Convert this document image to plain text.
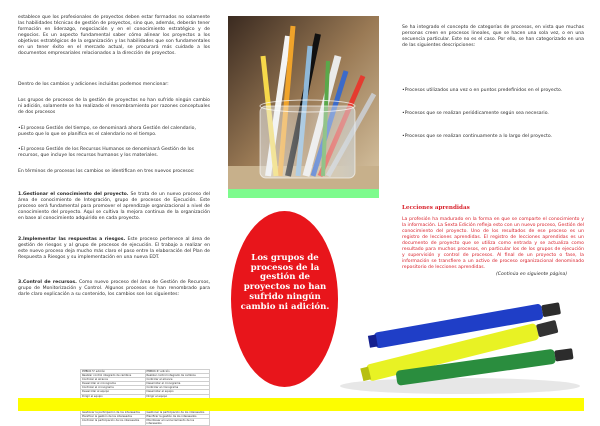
establece que los profesionales de proyectos deben estar formados no solamente las habilidades técnicas de gestión de proyectos, sino que, además, deberán tener formación en liderazgo, negociación y en el conocimiento estratégico y de negocios. Es un aspecto fundamental saber cómo alinear los proyectos a los objetivos estratégicos de la organización y las habilidades que son fundamentales en un tener éxito en el mercado actual, se procurará más cuidado a los documentos empresariales relacionados a la dirección de proyectos.

Dentro de los cambios y adiciones incluidas podemos mencionar:

Los grupos de procesos de la gestión de proyectos no han sufrido ningún cambio ni adición, solamente se ha realizado el renombramiento por razones conceptuales de dos procesos

•El proceso Gestión del tiempo, se denominará ahora Gestión del calendario, puesto que lo que se planifica es el calendario no el tiempo.

•El proceso Gestión de los Recursos Humanos se denominará Gestión de los recursos, que incluye los recursos humanos y los materiales.

En términos de procesos los cambios se identifican en tres nuevos procesos:

1.Gestionar el conocimiento del proyecto. Se trata de un nuevo proceso del área de conocimiento de Integración, grupo de procesos de Ejecución. Este proceso será fundamental para promover el aprendizaje organizacional a nivel de conocimiento del proyecto. Aquí se cultiva la mejora continua de la organización en base al conocimiento adquirido en cada proyecto.

2.Implementar las respuestas a riesgos. Este proceso pertenece al área de gestión de riesgos y al grupo de procesos de ejecución. El trabajo a realizar en este nuevo proceso deja mucho más claro el paso entre la elaboración del Plan de Respuesta a Riesgos y su implementación en una nueva EDT.

3.Control de recursos. Como nuevo proceso del área de Gestión de Recursos, grupo de Monitorización y Control. Algunos procesos se han renombrado para darle claro explicación a su contenido, los cambios son los siguientes:

PMBOK 5ª edición	PMBOK 6ª edición
Realizar control integrado de cambios	Realizar control integrado de cambios
Controlar el alcance	Controlar el alcance
Desarrollar el cronograma	Desarrollar el cronograma
Controlar el cronograma	Controlar el cronograma
Desarrollar el equipo	Desarrollar el equipo
Dirigir el equipo	Dirigir el equipo

Gestionar la participación de los interesados	Gestionar la participación de los interesados
Planificar la gestión de los interesados	Planificar la gestión de los interesados
Controlar la participación de los interesados	Monitorear el involucramiento de los interesados
Los grupos de procesos de la gestión de proyectos no han sufrido ningún cambio ni adición.

Se ha integrado el concepto de categorías de procesos, en vista que muchas personas creen en procesos lineales, que se hacen una sola vez, o en una secuencia particular. Este no es el caso. Por ello, se han categorizado en una de las siguientes descripciones:

•Procesos utilizados una vez o en puntos predefinidos en el proyecto.

•Procesos que se realizan periódicamente según sea necesario.

•Procesos que se realizan continuamente a lo largo del proyecto.

Lecciones aprendidas

La profesión ha madurado en la forma en que se comparte el conocimiento y la información. La Sexta Edición refleja esto con un nuevo proceso, Gestión del conocimiento del proyecto. Uno de los resultados de ese proceso es un registro de lecciones aprendidas. El registro de lecciones aprendidas es un documento de proyecto que se utiliza como entrada y se actualiza como resultado para muchos procesos, en particular los de los grupos de ejecución y supervisión y control de procesos. Al final de un proyecto o fase, la información se transfiere a un activo de proceso organizacional denominado repositorio de lecciones aprendidas.

(Continúa en siguiente página)
